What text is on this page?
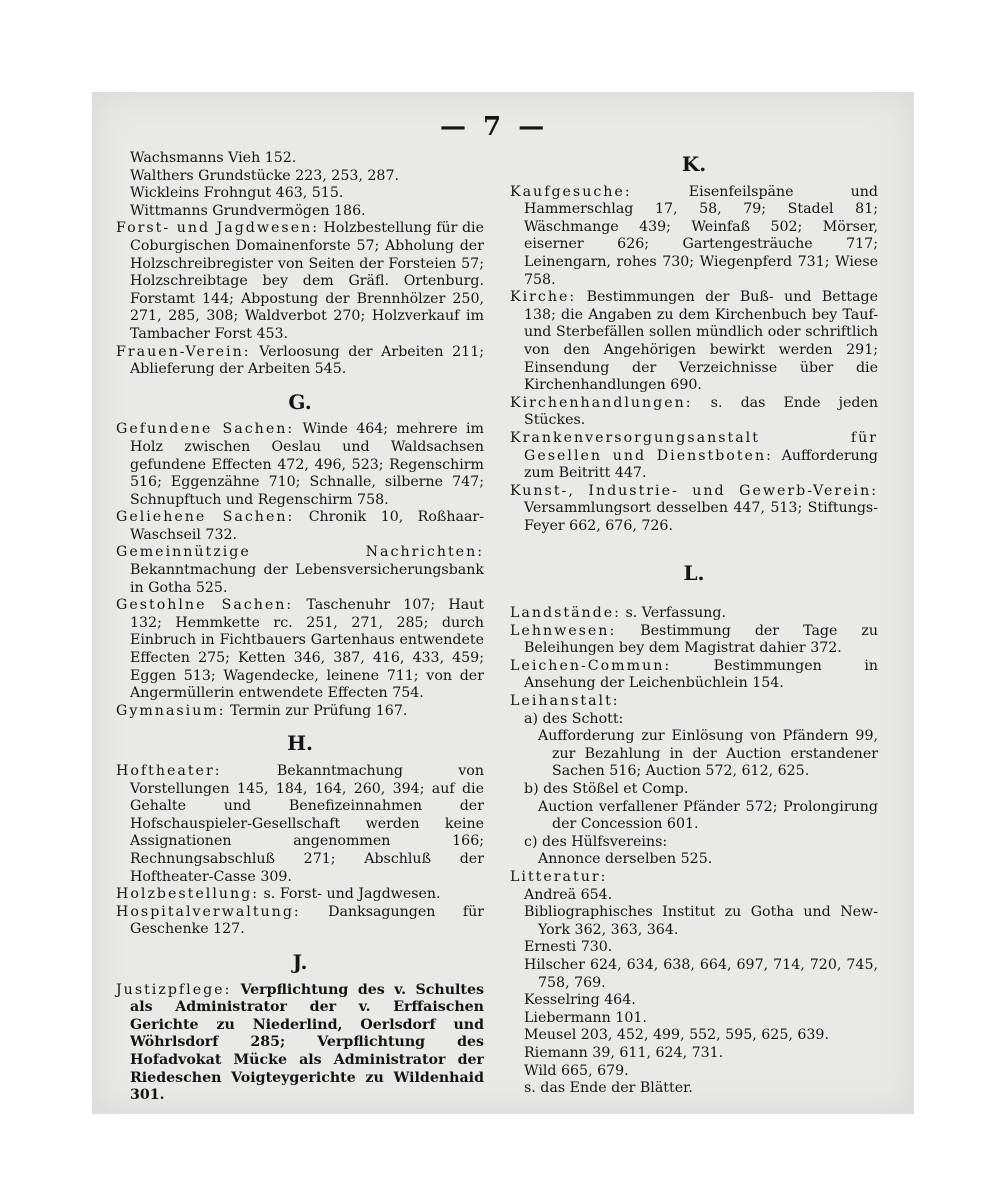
— 7 —

Wachsmanns Vieh 152.

Walthers Grundstücke 223, 253, 287.

Wickleins Frohngut 463, 515.

Wittmanns Grundvermögen 186.

Forst- und Jagdwesen: Holzbestellung für die Coburgischen Domainenforste 57; Abholung der Holzschreibregister von Seiten der Forsteien 57; Holzschreibtage bey dem Gräfl. Ortenburg. Forstamt 144; Abpostung der Brennhölzer 250, 271, 285, 308; Waldverbot 270; Holzverkauf im Tambacher Forst 453.

Frauen-Verein: Verloosung der Arbeiten 211; Ablieferung der Arbeiten 545.

G.

Gefundene Sachen: Winde 464; mehrere im Holz zwischen Oeslau und Waldsachsen gefundene Effecten 472, 496, 523; Regenschirm 516; Eggenzähne 710; Schnalle, silberne 747; Schnupftuch und Regenschirm 758.

Geliehene Sachen: Chronik 10, Roßhaar-Waschseil 732.

Gemeinnützige Nachrichten: Bekanntmachung der Lebensversicherungsbank in Gotha 525.

Gestohlne Sachen: Taschenuhr 107; Haut 132; Hemmkette rc. 251, 271, 285; durch Einbruch in Fichtbauers Gartenhaus entwendete Effecten 275; Ketten 346, 387, 416, 433, 459; Eggen 513; Wagendecke, leinene 711; von der Angermüllerin entwendete Effecten 754.

Gymnasium: Termin zur Prüfung 167.

H.

Hoftheater:	Bekanntmachung von Vorstellungen 145, 184, 164, 260, 394; auf die Gehalte und Benefizeinnahmen der Hofschauspieler-Gesellschaft werden keine Assignationen angenommen 166; Rechnungsabschluß 271; Abschluß der Hoftheater-Casse 309.

Holzbestellung: s. Forst- und Jagdwesen.

Hospitalverwaltung: Danksagungen für Geschenke 127.

J.

Justizpflege: Verpflichtung des v. Schultes als Administrator der v. Erffaischen Gerichte zu Niederlind, Oerlsdorf und Wöhrlsdorf 285; Verpflichtung des Hofadvokat Mücke als Administrator der Riedeschen Voigteygerichte zu Wildenhaid 301.

K.

Kaufgesuche:	Eisenfeilspäne und Hammerschlag 17, 58, 79; Stadel 81; Wäschmange 439; Weinfaß 502; Mörser, eiserner 626; Gartengesträuche 717; Leinengarn, rohes 730; Wiegenpferd 731; Wiese 758.

Kirche: Bestimmungen der Buß- und Bettage 138; die Angaben zu dem Kirchenbuch bey Tauf- und Sterbefällen sollen mündlich oder schriftlich von den Angehörigen bewirkt werden 291; Einsendung der Verzeichnisse über die Kirchenhandlungen 690.

Kirchenhandlungen: s. das Ende jeden Stückes.

Krankenversorgungsanstalt für Gesellen und Dienstboten: Aufforderung zum Beitritt 447.

Kunst-, Industrie- und Gewerb-Verein: Versammlungsort desselben 447, 513; Stiftungs-Feyer 662, 676, 726.

L.

Landstände: s. Verfassung.

Lehnwesen: Bestimmung der Tage zu Beleihungen bey dem Magistrat dahier 372.

Leichen-Commun:	Bestimmungen in Ansehung der Leichenbüchlein 154.

Leihanstalt:

a) des Schott:

Aufforderung zur Einlösung von Pfändern 99, zur Bezahlung in der Auction erstandener Sachen 516; Auction 572, 612, 625.

b) des Stößel et Comp.

Auction verfallener Pfänder 572; Prolongirung der Concession 601.

c) des Hülfsvereins:

Annonce derselben 525.

Litteratur:

Andreä 654.

Bibliographisches Institut zu Gotha und New-York 362, 363, 364.

Ernesti 730.

Hilscher 624, 634, 638, 664, 697, 714, 720, 745, 758, 769.

Kesselring 464.

Liebermann 101.

Meusel 203, 452, 499, 552, 595, 625, 639.

Riemann 39, 611, 624, 731.

Wild 665, 679.

s. das Ende der Blätter.
